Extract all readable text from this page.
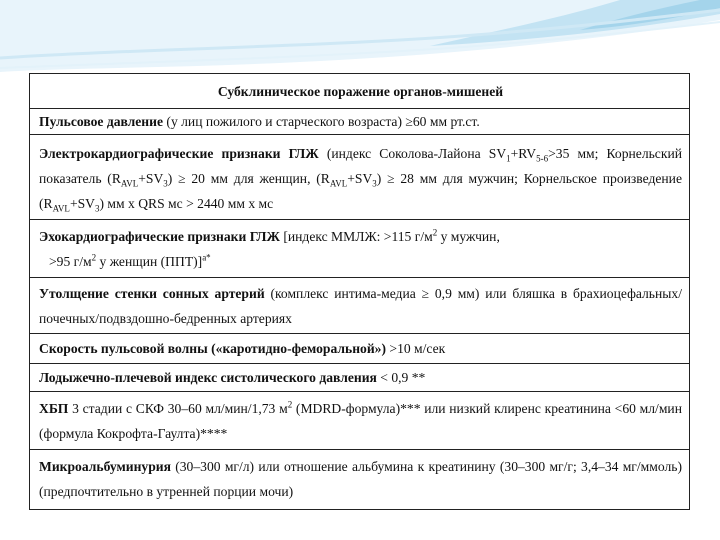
Субклиническое поражение органов-мишеней
Пульсовое давление (у лиц пожилого и старческого возраста) ≥60 мм рт.ст.
Электрокардиографические признаки ГЛЖ (индекс Соколова-Лайона $SV_1+RV_{5-6}>35$ мм; Корнельский показатель $(R_{AVL}+SV_3) \ge 20$ мм для женщин, $(R_{AVL}+SV_3) \ge 28$ мм для мужчин; Корнельское произведение $(R_{AVL}+SV_3)$ мм x QRS мс > 2440 мм х мс
Эхокардиографические признаки ГЛЖ [индекс ММЛЖ: >115 $г/м^2$ у мужчин,
>95 $г/м^2$ у женщин (ППТ)]$^{а*}$
Утолщение стенки сонных артерий (комплекс интима-медиа ≥ 0,9 мм) или бляшка в брахиоцефальных/почечных/подвздошно-бедренных артериях
Скорость пульсовой волны («каротидно-феморальной») >10 м/сек
Лодыжечно-плечевой индекс систолического давления < 0,9 **
ХБП 3 стадии с СКФ 30–60 мл/мин/1,73 $м^2$ (MDRD-формула)*** или низкий клиренс креатинина <60 мл/мин (формула Кокрофта-Гаулта)****
Микроальбуминурия (30–300 мг/л) или отношение альбумина к креатинину (30–300 мг/г; 3,4–34 мг/ммоль) (предпочтительно в утренней порции мочи)
